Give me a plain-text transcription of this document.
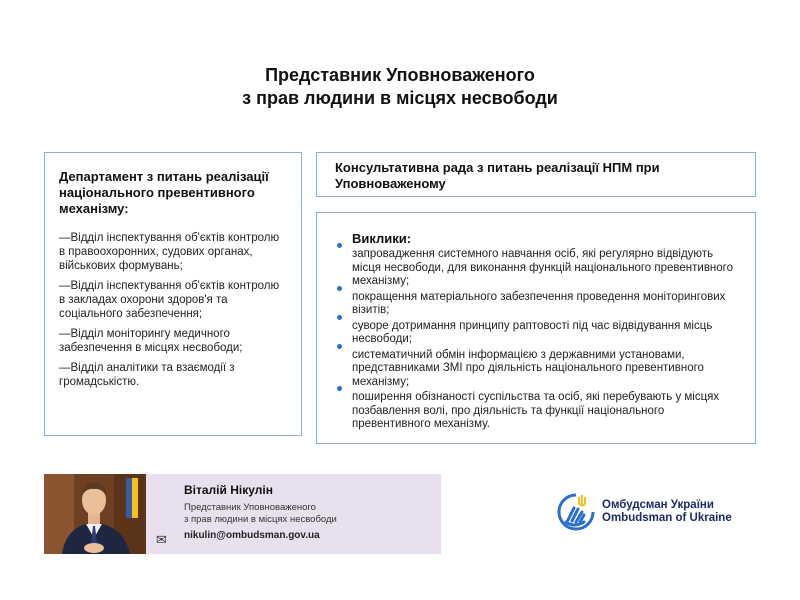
Представник Уповноваженого
з прав людини в місцях несвободи
Департамент з питань реалізації національного превентивного механізму:
— Відділ інспектування об'єктів контролю в правоохоронних, судових органах, військових формувань;
— Відділ інспектування об'єктів контролю в закладах охорони здоров'я та соціального забезпечення;
— Відділ моніторингу медичного забезпечення в місцях несвободи;
— Відділ аналітики та взаємодії з громадськістю.
Консультативна рада з питань реалізації НПМ при Уповноваженому
Виклики:
запровадження системного навчання осіб, які регулярно відвідують місця несвободи, для виконання функцій національного превентивного механізму;
покращення матеріального забезпечення проведення моніторингових візитів;
суворе дотримання принципу раптовості під час відвідування місць несвободи;
систематичний обмін інформацією з державними установами, представниками ЗМІ про діяльність національного превентивного механізму;
поширення обізнаності суспільства та осіб, які перебувають у місцях позбавлення волі, про діяльність та функції національного превентивного механізму.
✉
Віталій Нікулін
Представник Уповноваженого
з прав людини в місцях несвободи
nikulin@ombudsman.gov.ua
Омбудсман України
Ombudsman of Ukraine
